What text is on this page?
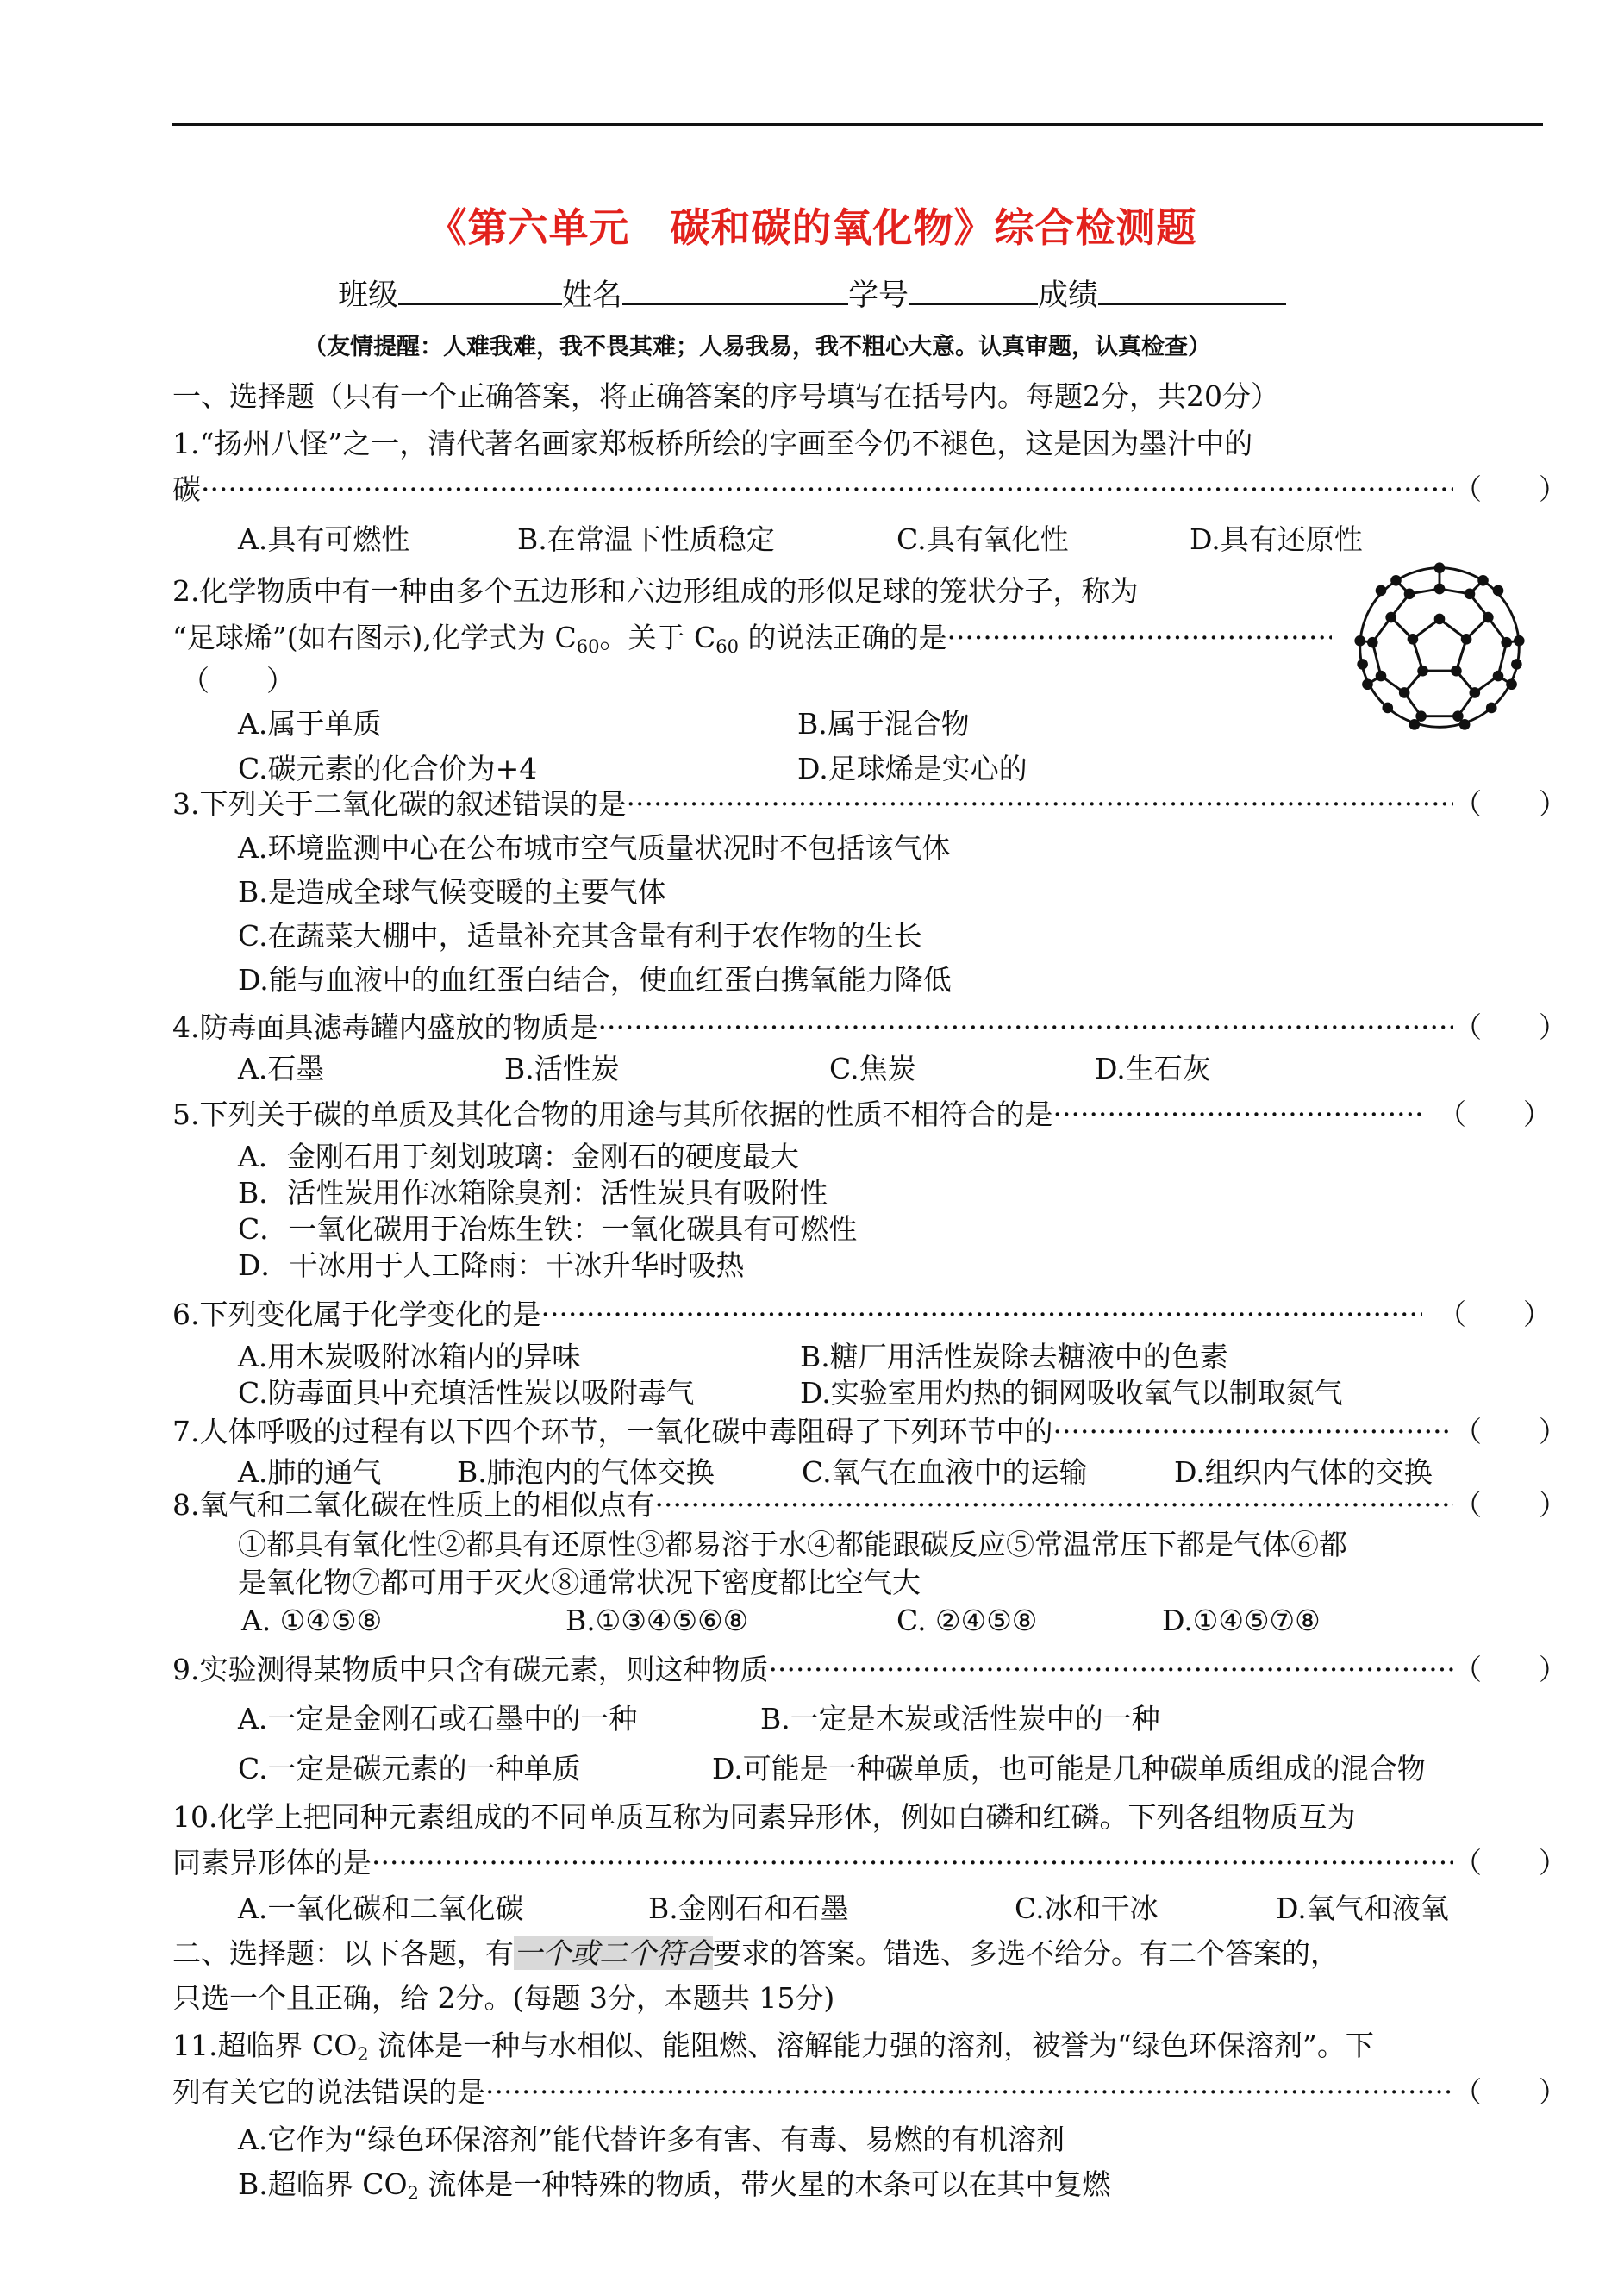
《第六单元　碳和碳的氧化物》综合检测题
班级	姓名	学号	成绩
（友情提醒：人难我难，我不畏其难；人易我易，我不粗心大意。认真审题，认真检查）
一、选择题（只有一个正确答案，将正确答案的序号填写在括号内。每题2分，共20分）
1.“扬州八怪”之一，清代著名画家郑板桥所绘的字画至今仍不褪色，这是因为墨汁中的
碳 ·····	（　　）
A.具有可燃性	B.在常温下性质稳定	C.具有氧化性	D.具有还原性
2.化学物质中有一种由多个五边形和六边形组成的形似足球的笼状分子，称为
“足球烯”(如右图示),化学式为 $C_{60}$。关于 $C_{60}$ 的说法正确的是
·····
（　　）
A.属于单质	B.属于混合物
C.碳元素的化合价为+4	D.足球烯是实心的
3.下列关于二氧化碳的叙述错误的是 ·····	（　　）
A.环境监测中心在公布城市空气质量状况时不包括该气体
B.是造成全球气候变暖的主要气体
C.在蔬菜大棚中，适量补充其含量有利于农作物的生长
D.能与血液中的血红蛋白结合，使血红蛋白携氧能力降低
4.防毒面具滤毒罐内盛放的物质是 ·····	（　　）
A.石墨	B.活性炭	C.焦炭	D.生石灰
5.下列关于碳的单质及其化合物的用途与其所依据的性质不相符合的是 ·····	（　　）
A．金刚石用于刻划玻璃：金刚石的硬度最大
B．活性炭用作冰箱除臭剂：活性炭具有吸附性
C．一氧化碳用于冶炼生铁：一氧化碳具有可燃性
D．干冰用于人工降雨：干冰升华时吸热
6.下列变化属于化学变化的是 ·····	（　　）
A.用木炭吸附冰箱内的异味	B.糖厂用活性炭除去糖液中的色素
C.防毒面具中充填活性炭以吸附毒气	D.实验室用灼热的铜网吸收氧气以制取氮气
7.人体呼吸的过程有以下四个环节，一氧化碳中毒阻碍了下列环节中的 ·····	（　　）
A.肺的通气	B.肺泡内的气体交换	C.氧气在血液中的运输	D.组织内气体的交换
8.氧气和二氧化碳在性质上的相似点有 ·····	（　　）
①都具有氧化性②都具有还原性③都易溶于水④都能跟碳反应⑤常温常压下都是气体⑥都
是氧化物⑦都可用于灭火⑧通常状况下密度都比空气大
A. ①④⑤⑧	B.①③④⑤⑥⑧	C. ②④⑤⑧	D.①④⑤⑦⑧
9.实验测得某物质中只含有碳元素，则这种物质 ·····	（　　）
A.一定是金刚石或石墨中的一种	B.一定是木炭或活性炭中的一种
C.一定是碳元素的一种单质	D.可能是一种碳单质，也可能是几种碳单质组成的混合物
10.化学上把同种元素组成的不同单质互称为同素异形体，例如白磷和红磷。下列各组物质互为
同素异形体的是 ·····	（　　）
A.一氧化碳和二氧化碳	B.金刚石和石墨	C.冰和干冰	D.氧气和液氧
二、选择题：以下各题，有一个或二个符合要求的答案。错选、多选不给分。有二个答案的，
只选一个且正确，给 2分。(每题 3分，本题共 15分)
11.超临界 $CO_2$ 流体是一种与水相似、能阻燃、溶解能力强的溶剂，被誉为“绿色环保溶剂”。下
列有关它的说法错误的是 ·····	（　　）
A.它作为“绿色环保溶剂”能代替许多有害、有毒、易燃的有机溶剂
B.超临界 $CO_2$ 流体是一种特殊的物质，带火星的木条可以在其中复燃
